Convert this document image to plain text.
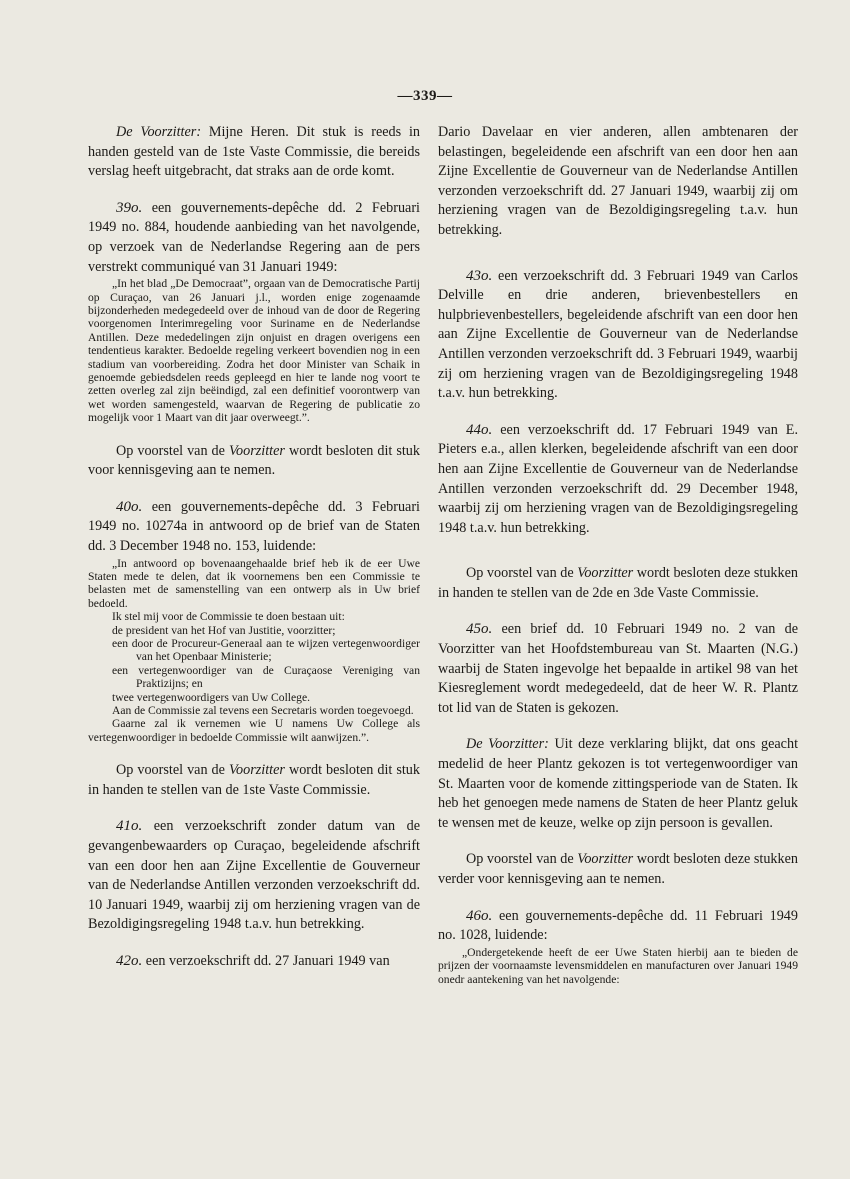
—339—

De Voorzitter: Mijne Heren. Dit stuk is reeds in handen gesteld van de 1ste Vaste Commissie, die bereids verslag heeft uitgebracht, dat straks aan de orde komt.

39o. een gouvernements-depêche dd. 2 Februari 1949 no. 884, houdende aanbieding van het navolgende, op verzoek van de Nederlandse Regering aan de pers verstrekt communiqué van 31 Januari 1949:

„In het blad „De Democraat”, orgaan van de Democratische Partij op Curaçao, van 26 Januari j.l., worden enige zogenaamde bijzonderheden medegedeeld over de inhoud van de door de Regering voorgenomen Interimregeling voor Suriname en de Nederlandse Antillen. Deze mededelingen zijn onjuist en dragen overigens een tendentieus karakter. Bedoelde regeling verkeert bovendien nog in een stadium van voorbereiding. Zodra het door Minister van Schaik in genoemde gebiedsdelen reeds gepleegd en hier te lande nog voort te zetten overleg zal zijn beëindigd, zal een definitief voorontwerp van wet worden samengesteld, waarvan de Regering de publicatie zo mogelijk voor 1 Maart van dit jaar overweegt.”.

Op voorstel van de Voorzitter wordt besloten dit stuk voor kennisgeving aan te nemen.

40o. een gouvernements-depêche dd. 3 Februari 1949 no. 10274a in antwoord op de brief van de Staten dd. 3 December 1948 no. 153, luidende:

„In antwoord op bovenaangehaalde brief heb ik de eer Uwe Staten mede te delen, dat ik voornemens ben een Commissie te belasten met de samenstelling van een ontwerp als in Uw brief bedoeld.

Ik stel mij voor de Commissie te doen bestaan uit:

de president van het Hof van Justitie, voorzitter;

een door de Procureur-Generaal aan te wijzen vertegenwoordiger van het Openbaar Ministerie;

een vertegenwoordiger van de Curaçaose Vereniging van Praktizijns; en

twee vertegenwoordigers van Uw College.

Aan de Commissie zal tevens een Secretaris worden toegevoegd.

Gaarne zal ik vernemen wie U namens Uw College als vertegenwoordiger in bedoelde Commissie wilt aanwijzen.”.

Op voorstel van de Voorzitter wordt besloten dit stuk in handen te stellen van de 1ste Vaste Commissie.

41o. een verzoekschrift zonder datum van de gevangenbewaarders op Curaçao, begeleidende afschrift van een door hen aan Zijne Excellentie de Gouverneur van de Nederlandse Antillen verzonden verzoekschrift dd. 10 Januari 1949, waarbij zij om herziening vragen van de Bezoldigingsregeling 1948 t.a.v. hun betrekking.

42o. een verzoekschrift dd. 27 Januari 1949 van

Dario Davelaar en vier anderen, allen ambtenaren der belastingen, begeleidende een afschrift van een door hen aan Zijne Excellentie de Gouverneur van de Nederlandse Antillen verzonden verzoekschrift dd. 27 Januari 1949, waarbij zij om herziening vragen van de Bezoldigingsregeling t.a.v. hun betrekking.

43o. een verzoekschrift dd. 3 Februari 1949 van Carlos Delville en drie anderen, brievenbestellers en hulpbrievenbestellers, begeleidende afschrift van een door hen aan Zijne Excellentie de Gouverneur van de Nederlandse Antillen verzonden verzoekschrift dd. 3 Februari 1949, waarbij zij om herziening vragen van de Bezoldigingsregeling 1948 t.a.v. hun betrekking.

44o. een verzoekschrift dd. 17 Februari 1949 van E. Pieters e.a., allen klerken, begeleidende afschrift van een door hen aan Zijne Excellentie de Gouverneur van de Nederlandse Antillen verzonden verzoekschrift dd. 29 December 1948, waarbij zij om herziening vragen van de Bezoldigingsregeling 1948 t.a.v. hun betrekking.

Op voorstel van de Voorzitter wordt besloten deze stukken in handen te stellen van de 2de en 3de Vaste Commissie.

45o. een brief dd. 10 Februari 1949 no. 2 van de Voorzitter van het Hoofdstembureau van St. Maarten (N.G.) waarbij de Staten ingevolge het bepaalde in artikel 98 van het Kiesreglement wordt medegedeeld, dat de heer W. R. Plantz tot lid van de Staten is gekozen.

De Voorzitter: Uit deze verklaring blijkt, dat ons geacht medelid de heer Plantz gekozen is tot vertegenwoordiger van St. Maarten voor de komende zittingsperiode van de Staten. Ik heb het genoegen mede namens de Staten de heer Plantz geluk te wensen met de keuze, welke op zijn persoon is gevallen.

Op voorstel van de Voorzitter wordt besloten deze stukken verder voor kennisgeving aan te nemen.

46o. een gouvernements-depêche dd. 11 Februari 1949 no. 1028, luidende:

„Ondergetekende heeft de eer Uwe Staten hierbij aan te bieden de prijzen der voornaamste levensmiddelen en manufacturen over Januari 1949 onedr aantekening van het navolgende:
